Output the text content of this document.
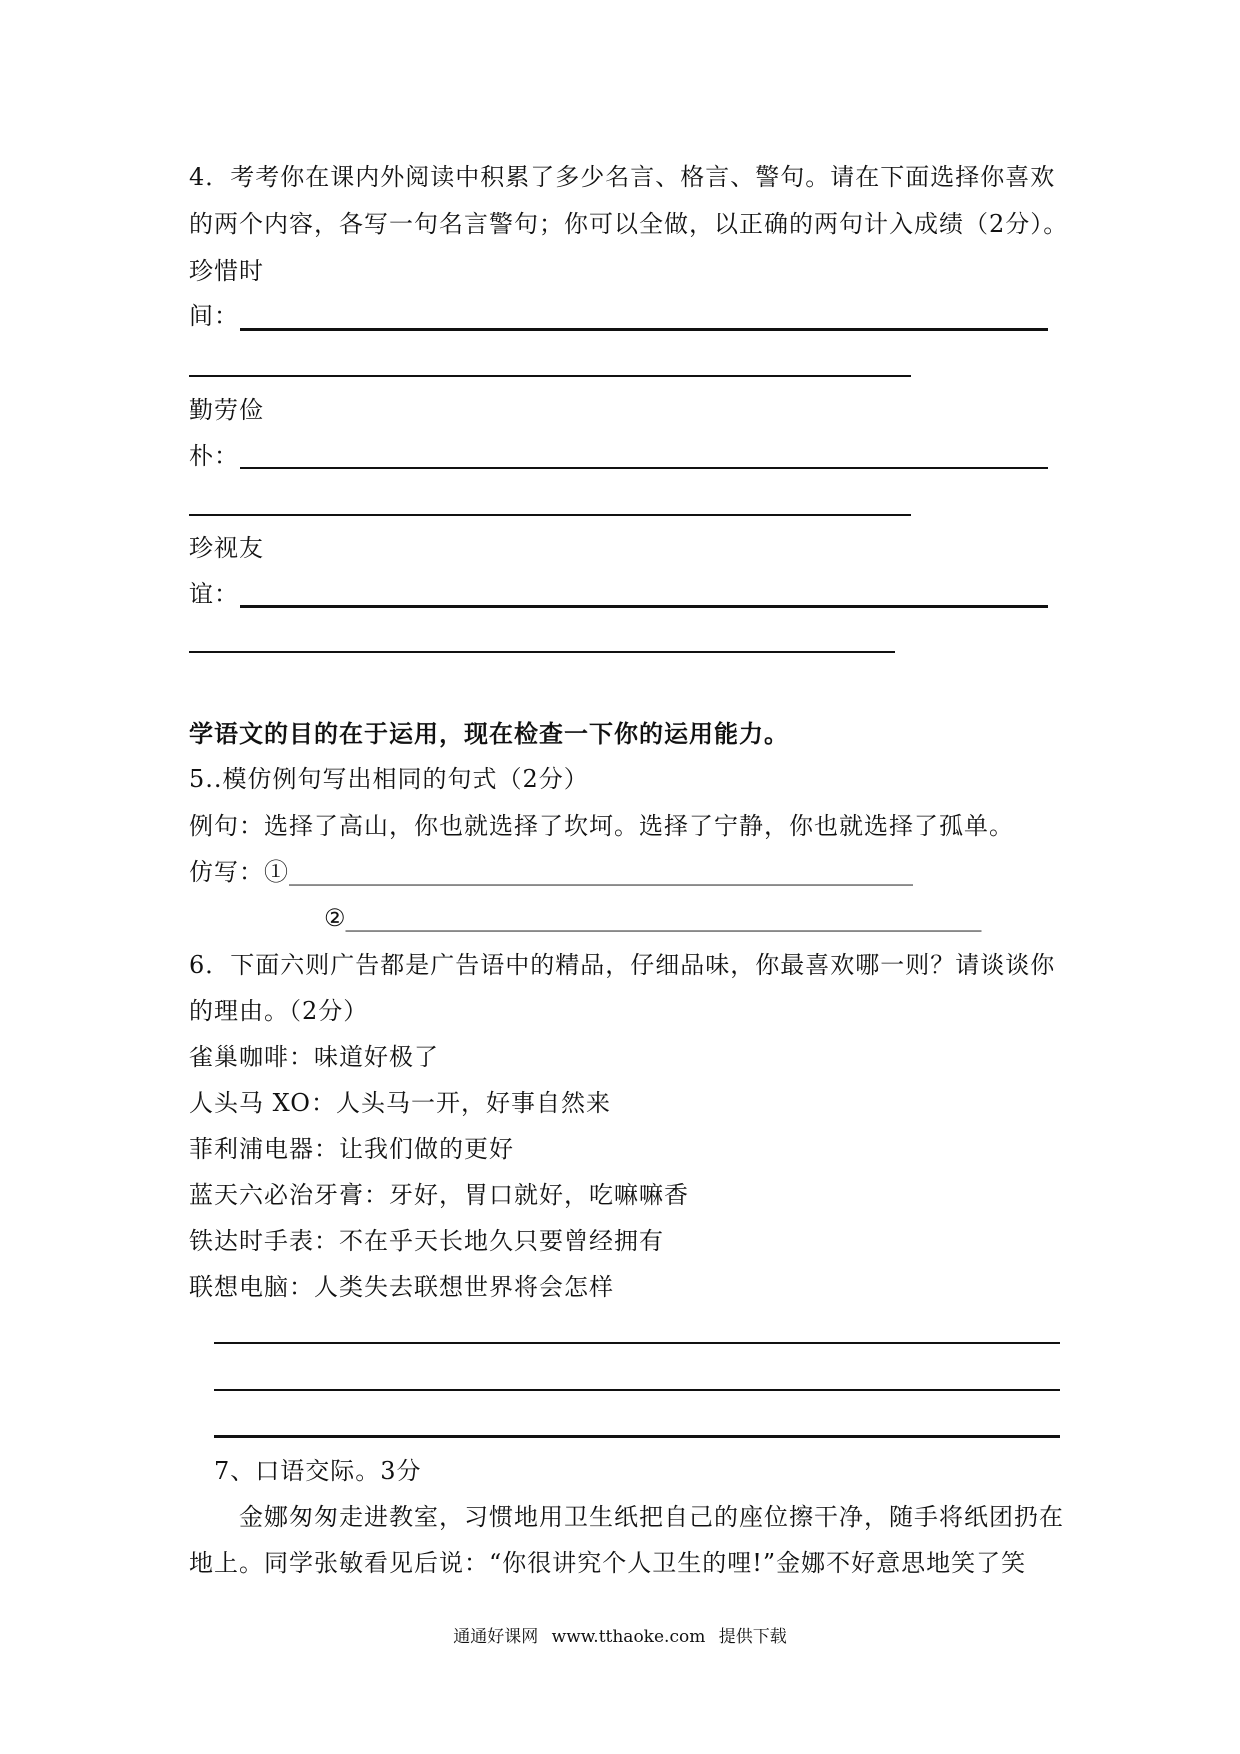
4．考考你在课内外阅读中积累了多少名言、格言、警句。请在下面选择你喜欢
的两个内容，各写一句名言警句；你可以全做，以正确的两句计入成绩（2分）。
珍惜时
间：
勤劳俭
朴：
珍视友
谊：
学语文的目的在于运用，现在检查一下你的运用能力。
5..模仿例句写出相同的句式（2分）
例句：选择了高山，你也就选择了坎坷。选择了宁静，你也就选择了孤单。
仿写：①____________________________________________________
②_____________________________________________________
6．下面六则广告都是广告语中的精品，仔细品味，你最喜欢哪一则？请谈谈你
的理由。（2分）
雀巢咖啡：味道好极了
人头马 XO：人头马一开，好事自然来
菲利浦电器：让我们做的更好
蓝天六必治牙膏：牙好，胃口就好，吃嘛嘛香
铁达时手表：不在乎天长地久只要曾经拥有
联想电脑：人类失去联想世界将会怎样
7、口语交际。3分
金娜匆匆走进教室，习惯地用卫生纸把自己的座位擦干净，随手将纸团扔在
地上。同学张敏看见后说：“你很讲究个人卫生的哩!”金娜不好意思地笑了笑
通通好课网 www.tthaoke.com 提供下载
